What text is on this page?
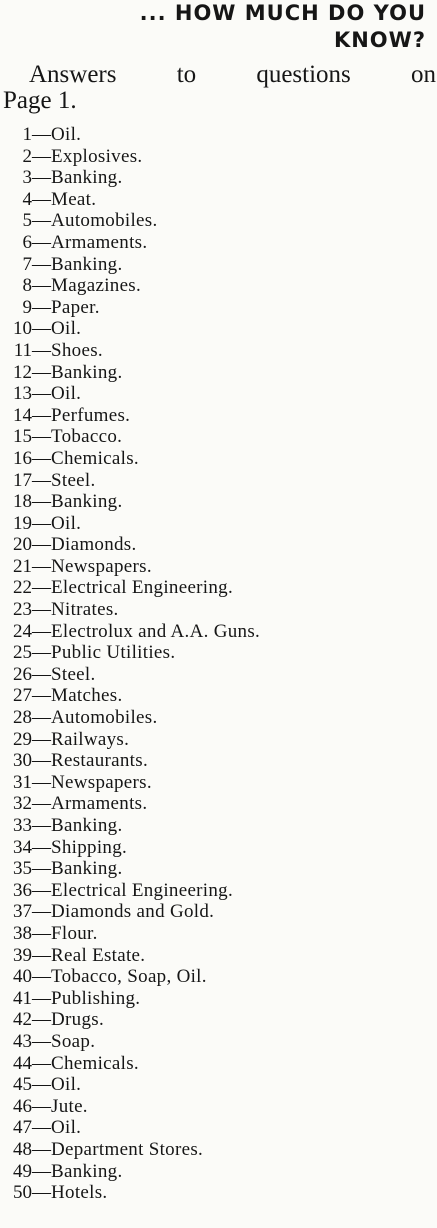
... HOW MUCH DO YOU
KNOW?
Answers to questions on
Page 1.
1—Oil.
2—Explosives.
3—Banking.
4—Meat.
5—Automobiles.
6—Armaments.
7—Banking.
8—Magazines.
9—Paper.
10—Oil.
11—Shoes.
12—Banking.
13—Oil.
14—Perfumes.
15—Tobacco.
16—Chemicals.
17—Steel.
18—Banking.
19—Oil.
20—Diamonds.
21—Newspapers.
22—Electrical Engineering.
23—Nitrates.
24—Electrolux and A.A. Guns.
25—Public Utilities.
26—Steel.
27—Matches.
28—Automobiles.
29—Railways.
30—Restaurants.
31—Newspapers.
32—Armaments.
33—Banking.
34—Shipping.
35—Banking.
36—Electrical Engineering.
37—Diamonds and Gold.
38—Flour.
39—Real Estate.
40—Tobacco, Soap, Oil.
41—Publishing.
42—Drugs.
43—Soap.
44—Chemicals.
45—Oil.
46—Jute.
47—Oil.
48—Department Stores.
49—Banking.
50—Hotels.
